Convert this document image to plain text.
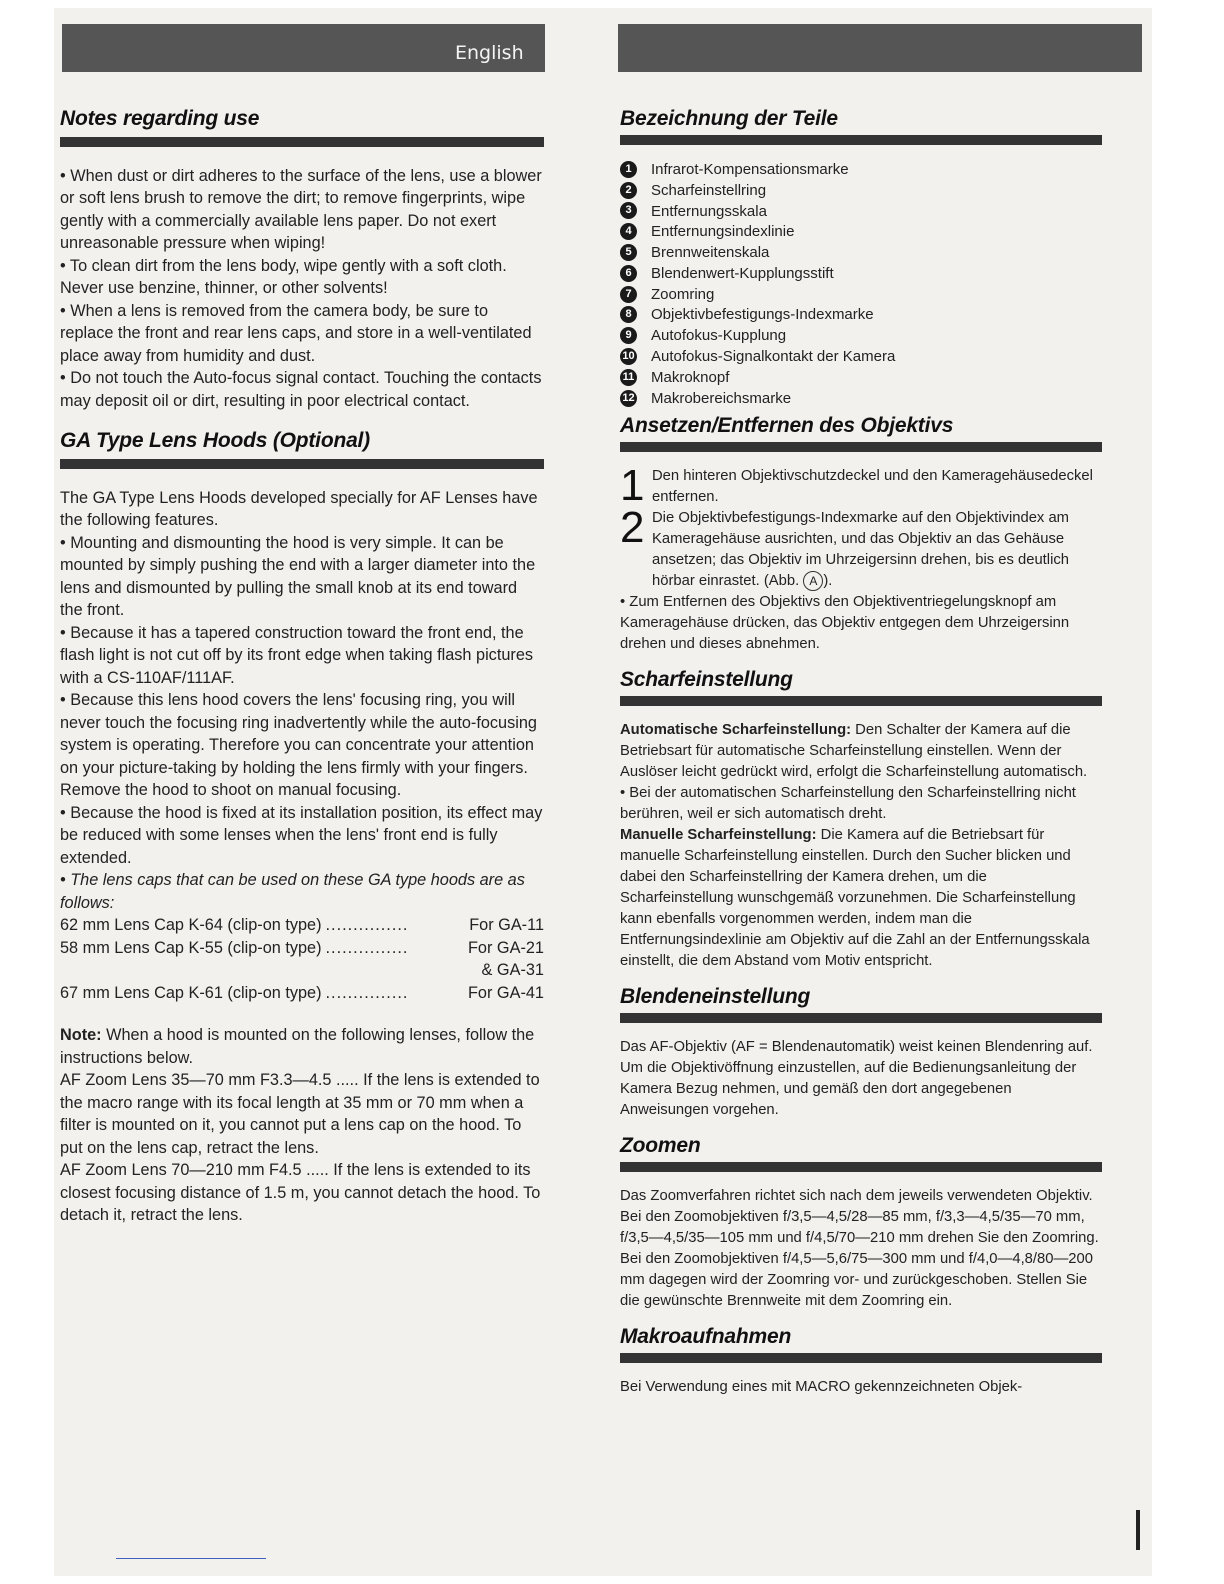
English
Notes regarding use

• When dust or dirt adheres to the surface of the lens, use a blower or soft lens brush to remove the dirt; to remove fingerprints, wipe gently with a commercially available lens paper. Do not exert unreasonable pressure when wiping!

• To clean dirt from the lens body, wipe gently with a soft cloth. Never use benzine, thinner, or other solvents!

• When a lens is removed from the camera body, be sure to replace the front and rear lens caps, and store in a well-ventilated place away from humidity and dust.

• Do not touch the Auto-focus signal contact. Touching the contacts may deposit oil or dirt, resulting in poor electrical contact.

GA Type Lens Hoods (Optional)

The GA Type Lens Hoods developed specially for AF Lenses have the following features.

• Mounting and dismounting the hood is very simple. It can be mounted by simply pushing the end with a larger diameter into the lens and dismounted by pulling the small knob at its end toward the front.

• Because it has a tapered construction toward the front end, the flash light is not cut off by its front edge when taking flash pictures with a CS-110AF/111AF.

• Because this lens hood covers the lens' focusing ring, you will never touch the focusing ring inadvertently while the auto-focusing system is operating. Therefore you can concentrate your attention on your picture-taking by holding the lens firmly with your fingers. Remove the hood to shoot on manual focusing.

• Because the hood is fixed at its installation position, its effect may be reduced with some lenses when the lens' front end is fully extended.

• The lens caps that can be used on these GA type hoods are as follows:

62 mm Lens Cap K-64 (clip-on type) ...............	For GA-11
58 mm Lens Cap K-55 (clip-on type) ...............	For GA-21
& GA-31
67 mm Lens Cap K-61 (clip-on type) ...............	For GA-41

Note: When a hood is mounted on the following lenses, follow the instructions below.

AF Zoom Lens 35—70 mm F3.3—4.5 ..... If the lens is extended to the macro range with its focal length at 35 mm or 70 mm when a filter is mounted on it, you cannot put a lens cap on the hood. To put on the lens cap, retract the lens.

AF Zoom Lens 70—210 mm F4.5 ..... If the lens is extended to its closest focusing distance of 1.5 m, you cannot detach the hood. To detach it, retract the lens.

Bezeichnung der Teile
1	Infrarot-Kompensationsmarke
2	Scharfeinstellring
3	Entfernungsskala
4	Entfernungsindexlinie
5	Brennweitenskala
6	Blendenwert-Kupplungsstift
7	Zoomring
8	Objektivbefestigungs-Indexmarke
9	Autofokus-Kupplung
10 Autofokus-Signalkontakt der Kamera
11 Makroknopf
12 Makrobereichsmarke
Ansetzen/Entfernen des Objektivs
1 Den hinteren Objektivschutzdeckel und den Kameragehäusedeckel entfernen.
2 Die Objektivbefestigungs-Indexmarke auf den Objektivindex am Kameragehäuse ausrichten, und das Objektiv an das Gehäuse ansetzen; das Objektiv im Uhrzeigersinn drehen, bis es deutlich hörbar einrastet. (Abb. A ).

• Zum Entfernen des Objektivs den Objektiventriegelungsknopf am Kameragehäuse drücken, das Objektiv entgegen dem Uhrzeigersinn drehen und dieses abnehmen.

Scharfeinstellung

Automatische Scharfeinstellung: Den Schalter der Kamera auf die Betriebsart für automatische Scharfeinstellung einstellen. Wenn der Auslöser leicht gedrückt wird, erfolgt die Scharfeinstellung automatisch.

• Bei der automatischen Scharfeinstellung den Scharfeinstellring nicht berühren, weil er sich automatisch dreht.

Manuelle Scharfeinstellung: Die Kamera auf die Betriebsart für manuelle Scharfeinstellung einstellen. Durch den Sucher blicken und dabei den Scharfeinstellring der Kamera drehen, um die Scharfeinstellung wunschgemäß vorzunehmen. Die Scharfeinstellung kann ebenfalls vorgenommen werden, indem man die Entfernungsindexlinie am Objektiv auf die Zahl an der Entfernungsskala einstellt, die dem Abstand vom Motiv entspricht.

Blendeneinstellung

Das AF-Objektiv (AF = Blendenautomatik) weist keinen Blendenring auf. Um die Objektivöffnung einzustellen, auf die Bedienungsanleitung der Kamera Bezug nehmen, und gemäß den dort angegebenen Anweisungen vorgehen.

Zoomen

Das Zoomverfahren richtet sich nach dem jeweils verwendeten Objektiv. Bei den Zoomobjektiven f/3,5—4,5/28—85 mm, f/3,3—4,5/35—70 mm, f/3,5—4,5/35—105 mm und f/4,5/70—210 mm drehen Sie den Zoomring. Bei den Zoomobjektiven f/4,5—5,6/75—300 mm und f/4,0—4,8/80—200 mm dagegen wird der Zoomring vor- und zurückgeschoben. Stellen Sie die gewünschte Brennweite mit dem Zoomring ein.

Makroaufnahmen

Bei Verwendung eines mit MACRO gekennzeichneten Objek-
